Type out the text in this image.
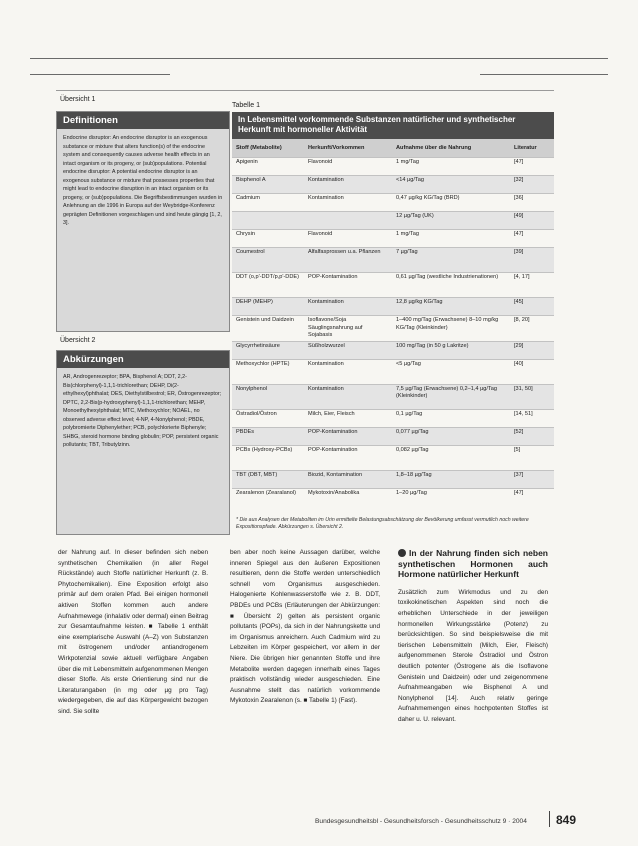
Übersicht 1
Definitionen
Endocrine disruptor: An endocrine disruptor is an exogenous substance or mixture that alters function(s) of the endocrine system and consequently causes adverse health effects in an intact organism or its progeny, or (sub)populations. Potential endocrine disruptor: A potential endocrine disruptor is an exogenous substance or mixture that possesses properties that might lead to endocrine disruption in an intact organism or its progeny, or (sub)populations. Die Begriffsbestimmungen wurden in Anlehnung an die 1996 in Europa auf der Weybridge-Konferenz geprägten Definitionen vorgeschlagen und sind heute gängig [1, 2, 3].
Übersicht 2
Abkürzungen
AR, Androgenrezeptor; BPA, Bisphenol A; DDT, 2,2-Bis(chlorphenyl)-1,1,1-trichlorethan; DEHP, Di(2-ethylhexyl)phthalat; DES, Diethylstilbestrol; ER, Östrogenrezeptor; DPTC, 2,2-Bis(p-hydroxyphenyl)-1,1,1-trichlorethan; MEHP, Monoethylhexylphthalat; MTC, Methoxychlor; NOAEL, no observed adverse effect level; 4-NP, 4-Nonylphenol; PBDE, polybromierte Diphenylether; PCB, polychlorierte Biphenyle; SHBG, steroid hormone binding globulin; POP, persistent organic pollutants; TBT, Tributylzinn.
Tabelle 1
In Lebensmittel vorkommende Substanzen natürlicher und synthetischer Herkunft mit hormoneller Aktivität
Stoff (Metabolite)	Herkunft/Vorkommen	Aufnahme über die Nahrung	Literatur
Apigenin	Flavonoid	1 mg/Tag	[47]
Bisphenol A	Kontamination	<14 µg/Tag	[32]
Cadmium	Kontamination	0,47 µg/kg KG/Tag (BRD)	[36]
		12 µg/Tag (UK)	[49]
Chrysin	Flavonoid	1 mg/Tag	[47]
Coumestrol	Alfalfasprossen u.a. Pflanzen	7 µg/Tag	[39]
DDT (o,p'-DDT/p,p'-DDE)	POP-Kontamination	0,61 µg/Tag (westliche Industrienationen)	[4, 17]
DEHP (MEHP)	Kontamination	12,8 µg/kg KG/Tag	[45]
Genistein und Daidzein	Isoflavone/Soja Säuglingsnahrung auf Sojabasis	1–400 mg/Tag (Erwachsene) 8–10 mg/kg KG/Tag (Kleinkinder)	[8, 20]
Glycyrrhetinsäure	Süßholzwurzel	100 mg/Tag (in 50 g Lakritze)	[29]
Methoxychlor (HPTE)	Kontamination	<5 µg/Tag	[40]
Nonylphenol	Kontamination	7,5 µg/Tag (Erwachsene) 0,2–1,4 µg/Tag (Kleinkinder)	[31, 50]
Östradiol/Östron	Milch, Eier, Fleisch	0,1 µg/Tag	[14, 51]
PBDEs	POP-Kontamination	0,077 µg/Tag	[52]
PCBs (Hydroxy-PCBs)	POP-Kontamination	0,082 µg/Tag	[5]
TBT (DBT, MBT)	Biozid, Kontamination	1,8–18 µg/Tag	[37]
Zearalenon (Zearalanol)	Mykotoxin/Anabolika	1–20 µg/Tag	[47]
* Die aus Analysen der Metaboliten im Urin ermittelte Belastungsabschätzung der Bevölkerung umfasst vermutlich noch weitere Expositionspfade. Abkürzungen s. Übersicht 2.

der Nahrung auf. In dieser befinden sich neben synthetischen Chemikalien (in aller Regel Rückstände) auch Stoffe natürlicher Herkunft (z. B. Phytochemikalien). Eine Exposition erfolgt also primär auf dem oralen Pfad. Bei einigen hormonell aktiven Stoffen kommen auch andere Aufnahmewege (inhalativ oder dermal) einen Beitrag zur Gesamtaufnahme leisten. ■ Tabelle 1 enthält eine exemplarische Auswahl (A–Z) von Substanzen mit östrogenem und/oder antiandrogenem Wirkpotenzial sowie aktuell verfügbare Angaben über die mit Lebensmitteln aufgenommenen Mengen dieser Stoffe. Als erste Orientierung sind nur die Literaturangaben (in mg oder µg pro Tag) wiedergegeben, die auf das Körpergewicht bezogen sind. Sie sollte

ben aber noch keine Aussagen darüber, welche inneren Spiegel aus den äußeren Expositionen resultieren, denn die Stoffe werden unterschiedlich schnell vom Organismus ausgeschieden. Halogenierte Kohlenwasserstoffe wie z. B. DDT, PBDEs und PCBs (Erläuterungen der Abkürzungen: ■ Übersicht 2) gelten als persistent organic pollutants (POPs), da sich in der Nahrungskette und im Organismus anreichern. Auch Cadmium wird zu Lebzeiten im Körper gespeichert, vor allem in der Niere. Die übrigen hier genannten Stoffe und ihre Metabolite werden dagegen innerhalb eines Tages praktisch vollständig wieder ausgeschieden. Eine Ausnahme stellt das natürlich vorkommende Mykotoxin Zearalenon (s. ■ Tabelle 1) (Fast).

In der Nahrung finden sich neben synthetischen Hormonen auch Hormone natürlicher Herkunft

Zusätzlich zum Wirkmodus und zu den toxikokinetischen Aspekten sind noch die erheblichen Unterschiede in der jeweiligen hormonellen Wirkungsstärke (Potenz) zu berücksichtigen. So sind beispielsweise die mit tierischen Lebensmitteln (Milch, Eier, Fleisch) aufgenommenen Sterole Östradiol und Östron deutlich potenter (Östrogene als die Isoflavone Genistein und Daidzein) oder und zeigenommene Aufnahmeangaben wie Bisphenol A und Nonylphenol [14]. Auch relativ geringe Aufnahmemengen eines hochpotenten Stoffes ist daher u. U. relevant.

Bundesgesundheitsbl - Gesundheitsforsch - Gesundheitsschutz 9 · 2004 849
